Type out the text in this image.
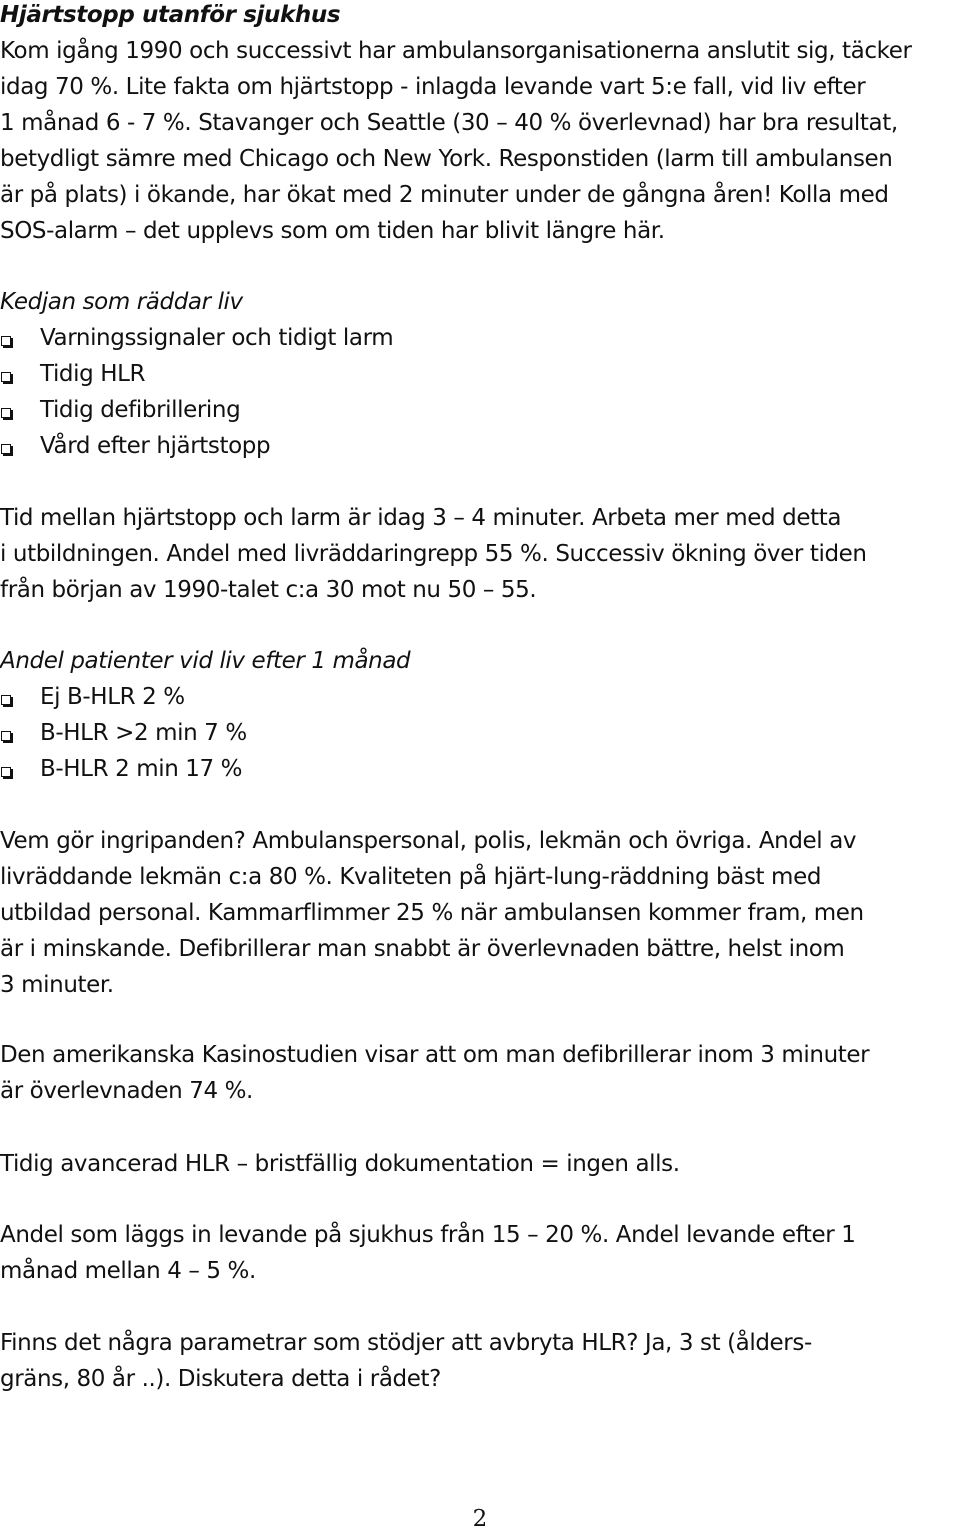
Hjärtstopp utanför sjukhus
Kom igång 1990 och successivt har ambulansorganisationerna anslutit sig, täcker
idag 70 %. Lite fakta om hjärtstopp - inlagda levande vart 5:e fall, vid liv efter
1 månad 6 - 7 %. Stavanger och Seattle (30 – 40 % överlevnad) har bra resultat,
betydligt sämre med Chicago och New York. Responstiden (larm till ambulansen
är på plats) i ökande, har ökat med 2 minuter under de gångna åren! Kolla med
SOS-alarm – det upplevs som om tiden har blivit längre här.
Kedjan som räddar liv
Varningssignaler och tidigt larm
Tidig HLR
Tidig defibrillering
Vård efter hjärtstopp
Tid mellan hjärtstopp och larm är idag 3 – 4 minuter. Arbeta mer med detta
i utbildningen. Andel med livräddaringrepp 55 %. Successiv ökning över tiden
från början av 1990-talet c:a 30 mot nu 50 – 55.
Andel patienter vid liv efter 1 månad
Ej B-HLR 2 %
B-HLR >2 min 7 %
B-HLR 2 min 17 %
Vem gör ingripanden? Ambulanspersonal, polis, lekmän och övriga. Andel av
livräddande lekmän c:a 80 %. Kvaliteten på hjärt-lung-räddning bäst med
utbildad personal. Kammarflimmer 25 % när ambulansen kommer fram, men
är i minskande. Defibrillerar man snabbt är överlevnaden bättre, helst inom
3 minuter.
Den amerikanska Kasinostudien visar att om man defibrillerar inom 3 minuter
är överlevnaden 74 %.
Tidig avancerad HLR – bristfällig dokumentation = ingen alls.
Andel som läggs in levande på sjukhus från 15 – 20 %. Andel levande efter 1
månad mellan 4 – 5 %.
Finns det några parametrar som stödjer att avbryta HLR? Ja, 3 st (ålders-
gräns, 80 år ..). Diskutera detta i rådet?
2
